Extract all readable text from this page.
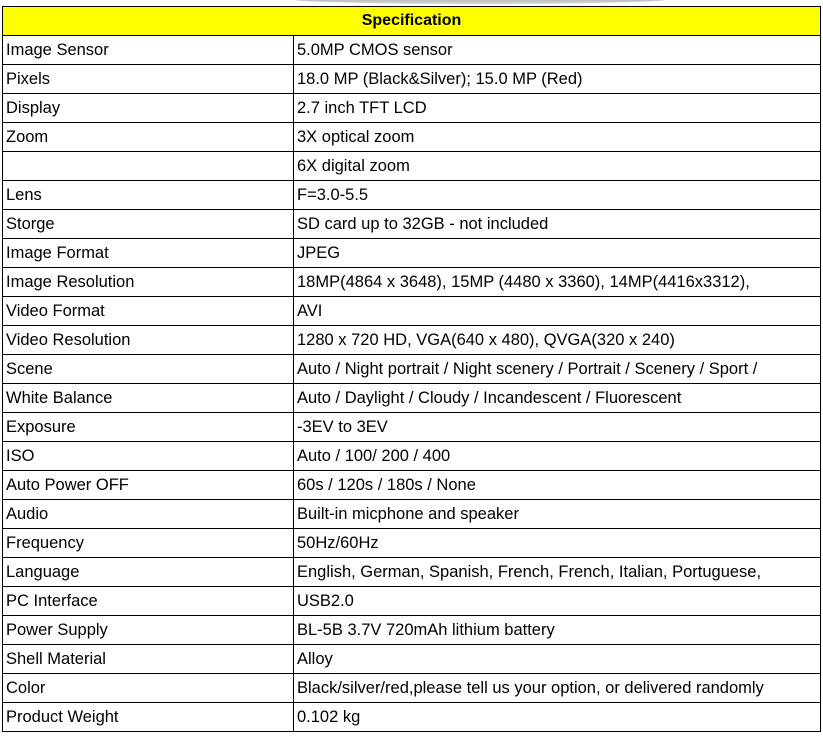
Specification	
Image Sensor	5.0MP CMOS sensor
Pixels	18.0 MP (Black&Silver); 15.0 MP (Red)
Display	2.7 inch TFT LCD
Zoom	3X optical zoom
	6X digital zoom
Lens	F=3.0-5.5
Storge	SD card up to 32GB - not included
Image Format	JPEG
Image Resolution	18MP(4864 x 3648), 15MP (4480 x 3360), 14MP(4416x3312),
Video Format	AVI
Video Resolution	1280 x 720 HD, VGA(640 x 480), QVGA(320 x 240)
Scene	Auto / Night portrait / Night scenery / Portrait / Scenery / Sport /
White Balance	Auto / Daylight / Cloudy / Incandescent / Fluorescent
Exposure	-3EV to 3EV
ISO	Auto / 100/ 200 / 400
Auto Power OFF	60s / 120s / 180s / None
Audio	Built-in micphone and speaker
Frequency	50Hz/60Hz
Language	English, German, Spanish, French, French, Italian, Portuguese,
PC Interface	USB2.0
Power Supply	BL-5B 3.7V 720mAh lithium battery
Shell Material	Alloy
Color	Black/silver/red,please tell us your option, or delivered randomly
Product Weight	0.102 kg
